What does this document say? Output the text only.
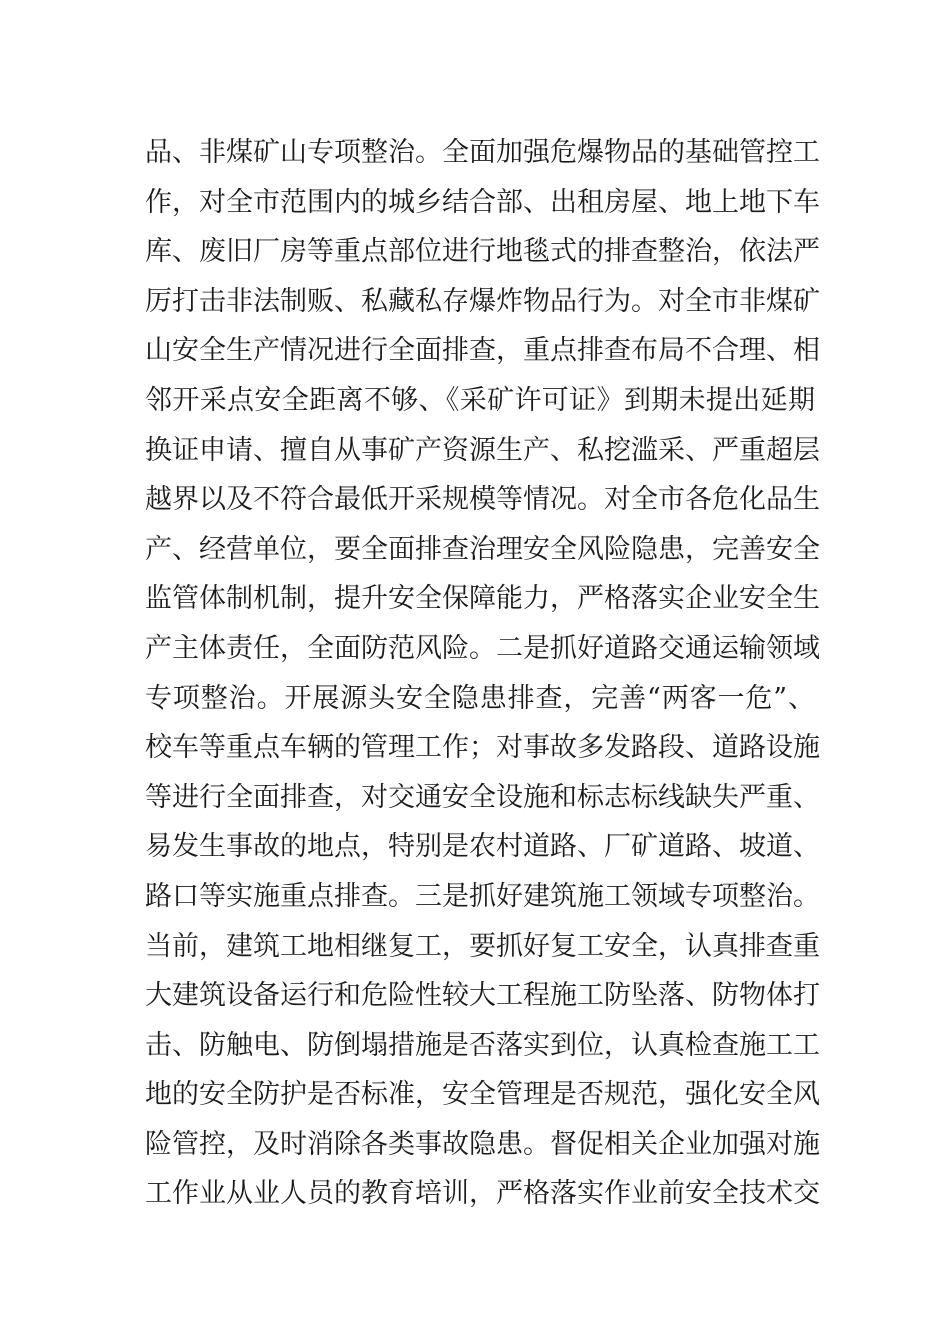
品、非煤矿山专项整治。全面加强危爆物品的基础管控工
作，对全市范围内的城乡结合部、出租房屋、地上地下车
库、废旧厂房等重点部位进行地毯式的排查整治，依法严
厉打击非法制贩、私藏私存爆炸物品行为。对全市非煤矿
山安全生产情况进行全面排查，重点排查布局不合理、相
邻开采点安全距离不够、《采矿许可证》到期未提出延期
换证申请、擅自从事矿产资源生产、私挖滥采、严重超层
越界以及不符合最低开采规模等情况。对全市各危化品生
产、经营单位，要全面排查治理安全风险隐患，完善安全
监管体制机制，提升安全保障能力，严格落实企业安全生
产主体责任，全面防范风险。二是抓好道路交通运输领域
专项整治。开展源头安全隐患排查，完善“两客一危”、
校车等重点车辆的管理工作；对事故多发路段、道路设施
等进行全面排查，对交通安全设施和标志标线缺失严重、
易发生事故的地点，特别是农村道路、厂矿道路、坡道、
路口等实施重点排查。三是抓好建筑施工领域专项整治。
当前，建筑工地相继复工，要抓好复工安全，认真排查重
大建筑设备运行和危险性较大工程施工防坠落、防物体打
击、防触电、防倒塌措施是否落实到位，认真检查施工工
地的安全防护是否标准，安全管理是否规范，强化安全风
险管控，及时消除各类事故隐患。督促相关企业加强对施
工作业从业人员的教育培训，严格落实作业前安全技术交
